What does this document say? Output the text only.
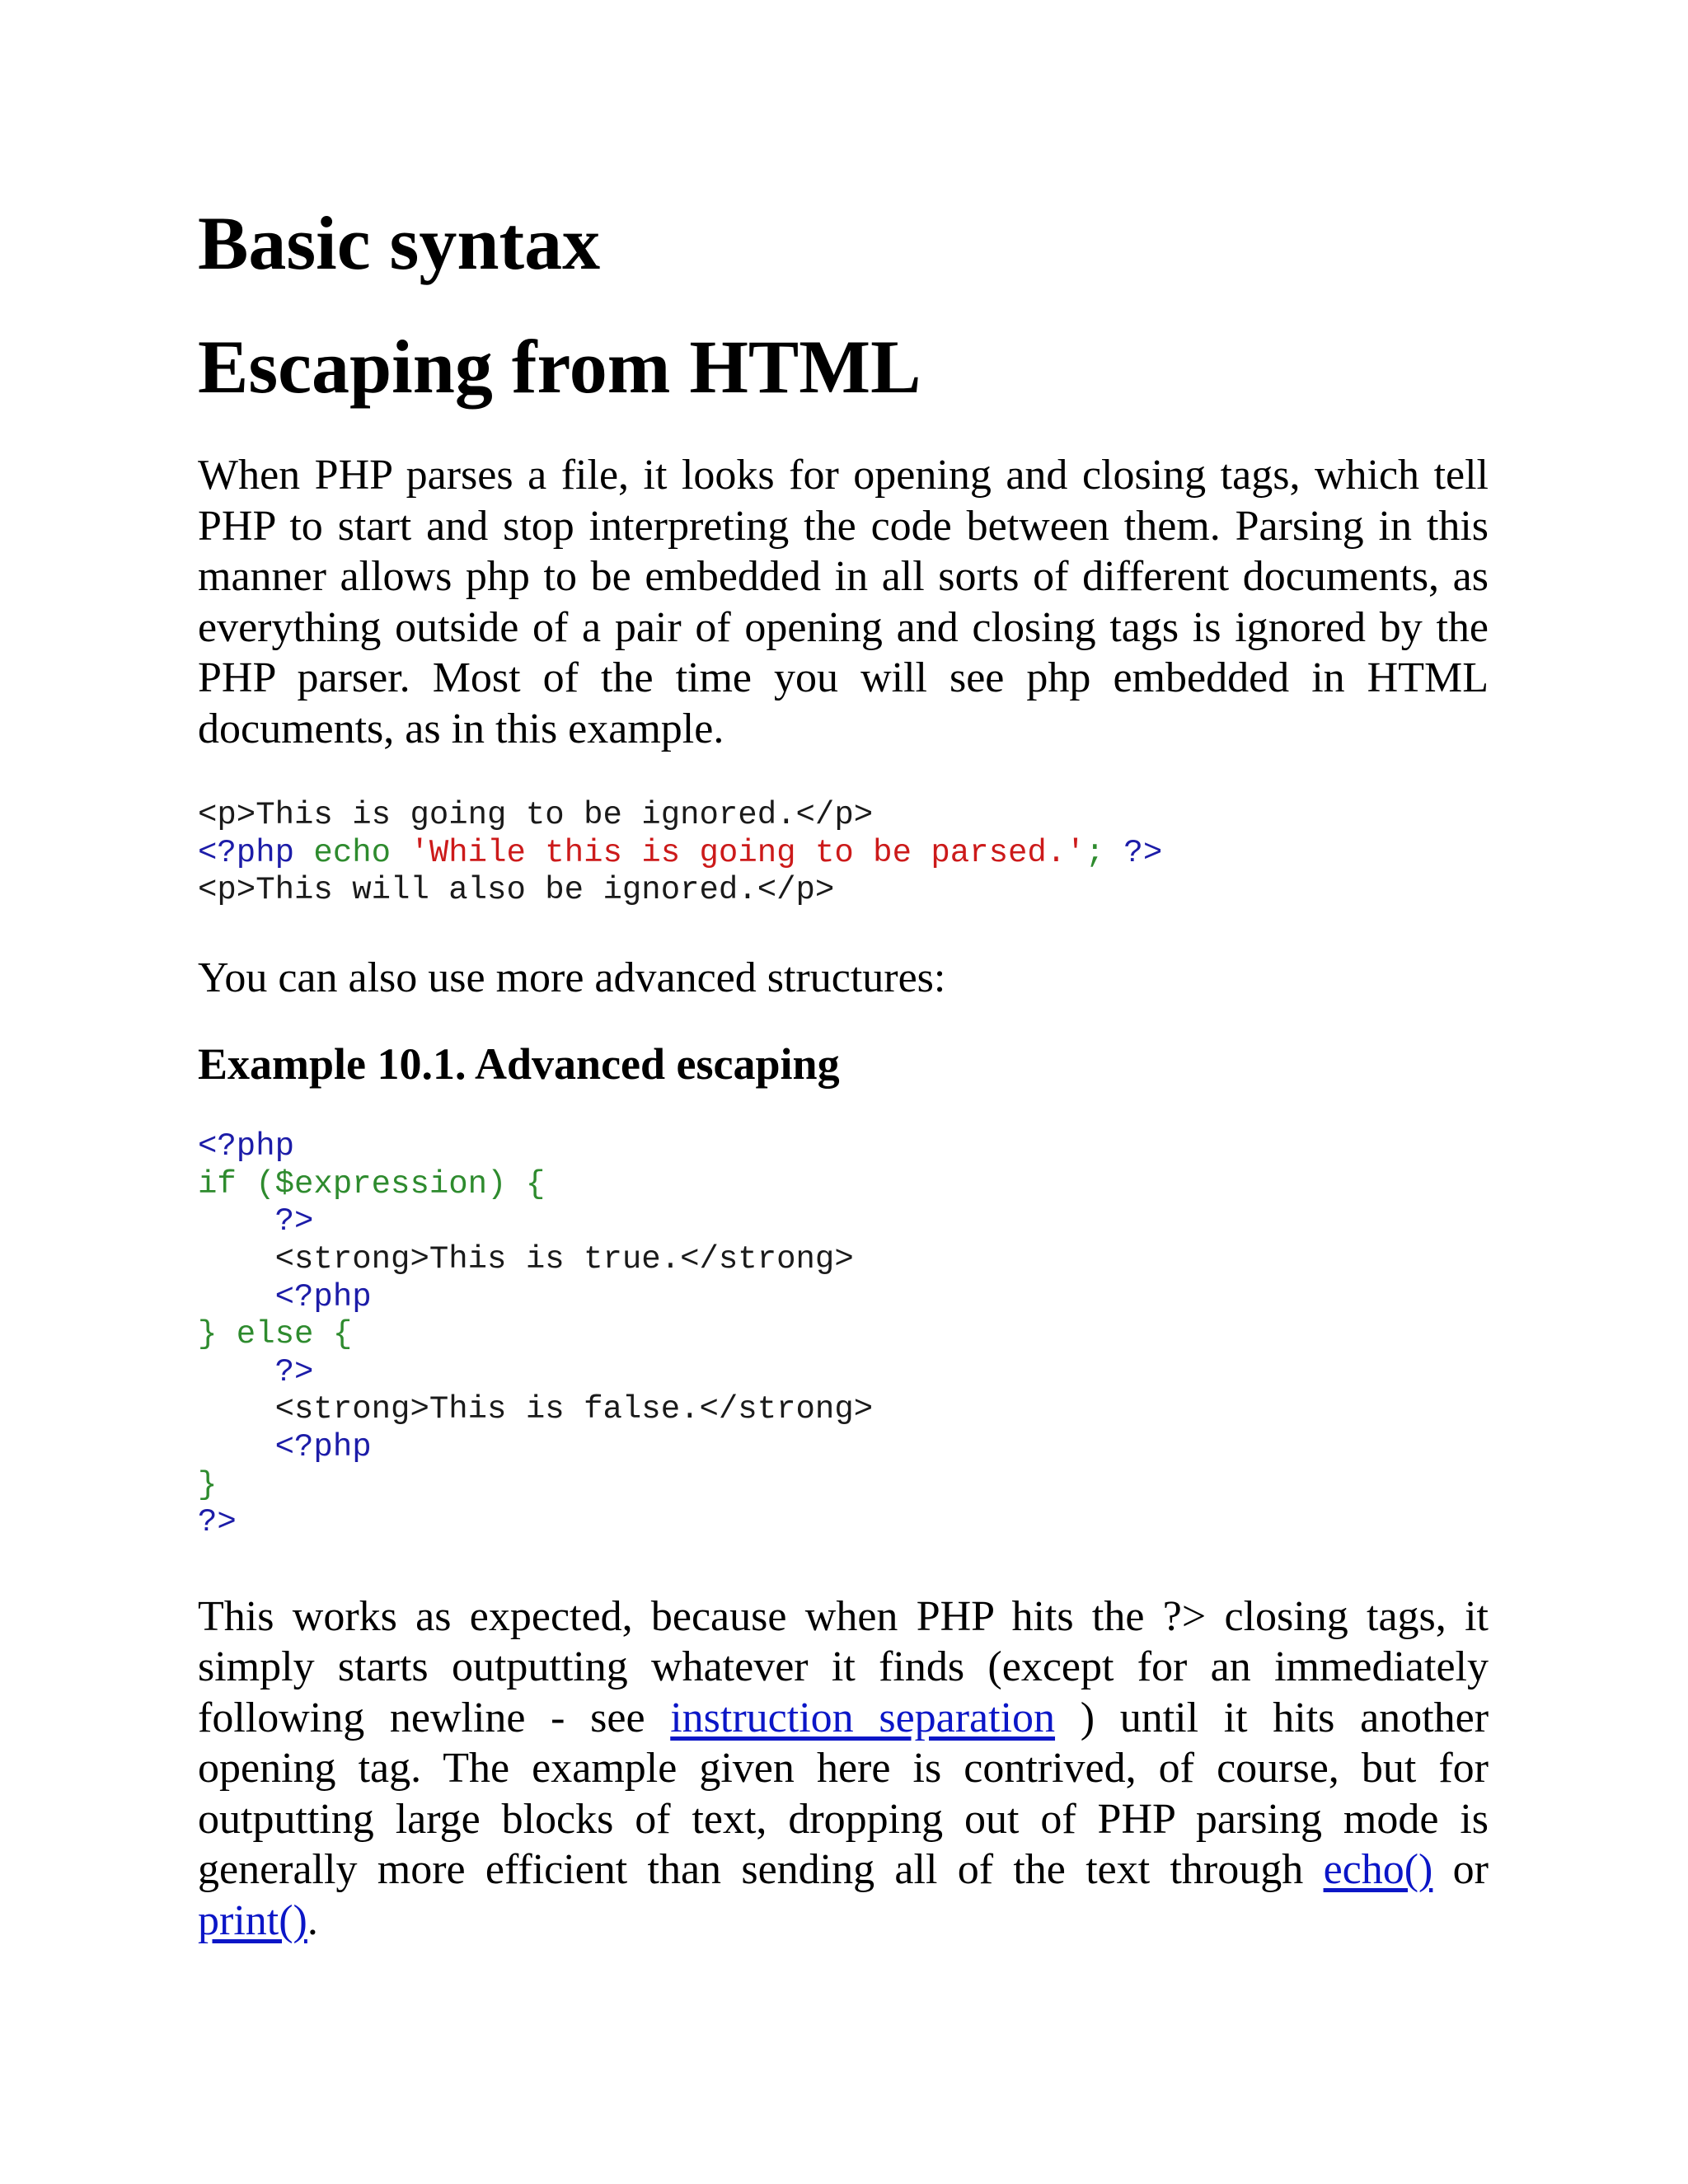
Basic syntax
Escaping from HTML

When PHP parses a file, it looks for opening and closing tags, which tell PHP to start and stop interpreting the code between them. Parsing in this manner allows php to be embedded in all sorts of different documents, as everything outside of a pair of opening and closing tags is ignored by the PHP parser. Most of the time you will see php embedded in HTML documents, as in this example.

<p>This is going to be ignored.</p>
<?php echo 'While this is going to be parsed.'; ?>
<p>This will also be ignored.</p>

You can also use more advanced structures:

Example 10.1. Advanced escaping
<?php
if ($expression) {
?>
<strong>This is true.</strong>
<?php
} else {
?>
<strong>This is false.</strong>
<?php
}
?>

This works as expected, because when PHP hits the ?> closing tags, it simply starts outputting whatever it finds (except for an immediately following newline - see instruction separation ) until it hits another opening tag. The example given here is contrived, of course, but for outputting large blocks of text, dropping out of PHP parsing mode is generally more efficient than sending all of the text through echo() or print().
